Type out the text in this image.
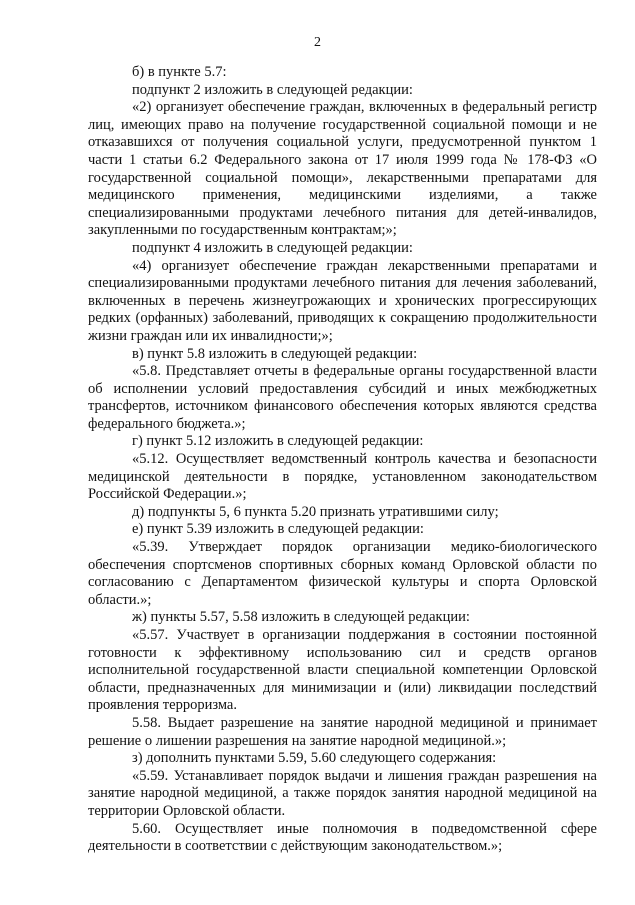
2

б) в пункте 5.7:

подпункт 2 изложить в следующей редакции:

«2) организует обеспечение граждан, включенных в федеральный регистр лиц, имеющих право на получение государственной социальной помощи и не отказавшихся от получения социальной услуги, предусмотренной пунктом 1 части 1 статьи 6.2 Федерального закона от 17 июля 1999 года № 178-ФЗ «О государственной социальной помощи», лекарственными препаратами для медицинского применения, медицинскими изделиями, а также специализированными продуктами лечебного питания для детей-инвалидов, закупленными по государственным контрактам;»;

подпункт 4 изложить в следующей редакции:

«4) организует обеспечение граждан лекарственными препаратами и специализированными продуктами лечебного питания для лечения заболеваний, включенных в перечень жизнеугрожающих и хронических прогрессирующих редких (орфанных) заболеваний, приводящих к сокращению продолжительности жизни граждан или их инвалидности;»;

в) пункт 5.8 изложить в следующей редакции:

«5.8. Представляет отчеты в федеральные органы государственной власти об исполнении условий предоставления субсидий и иных межбюджетных трансфертов, источником финансового обеспечения которых являются средства федерального бюджета.»;

г) пункт 5.12 изложить в следующей редакции:

«5.12. Осуществляет ведомственный контроль качества и безопасности медицинской деятельности в порядке, установленном законодательством Российской Федерации.»;

д) подпункты 5, 6 пункта 5.20 признать утратившими силу;

е) пункт 5.39 изложить в следующей редакции:

«5.39. Утверждает порядок организации медико-биологического обеспечения спортсменов спортивных сборных команд Орловской области по согласованию с Департаментом физической культуры и спорта Орловской области.»;

ж) пункты 5.57, 5.58 изложить в следующей редакции:

«5.57. Участвует в организации поддержания в состоянии постоянной готовности к эффективному использованию сил и средств органов исполнительной государственной власти специальной компетенции Орловской области, предназначенных для минимизации и (или) ликвидации последствий проявления терроризма.

5.58. Выдает разрешение на занятие народной медициной и принимает решение о лишении разрешения на занятие народной медициной.»;

з) дополнить пунктами 5.59, 5.60 следующего содержания:

«5.59. Устанавливает порядок выдачи и лишения граждан разрешения на занятие народной медициной, а также порядок занятия народной медициной на территории Орловской области.

5.60. Осуществляет иные полномочия в подведомственной сфере деятельности в соответствии с действующим законодательством.»;
